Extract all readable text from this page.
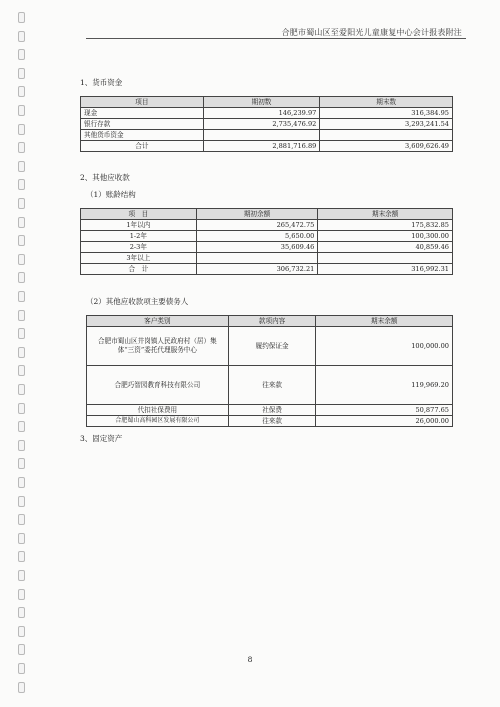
合肥市蜀山区至爱阳光儿童康复中心会计报表附注
1、货币资金
项目	期初数	期末数
现金	146,239.97	316,384.95
银行存款	2,735,476.92	3,293,241.54
其他货币资金		
合计	2,881,716.89	3,609,626.49
2、其他应收款
（1）账龄结构
项　目	期初余额	期末余额
1年以内	265,472.75	175,832.85
1-2年	5,650.00	100,300.00
2-3年	35,609.46	40,859.46
3年以上		
合　计	306,732.21	316,992.31
（2）其他应收款项主要债务人
客户类别	款项内容	期末余额
合肥市蜀山区井岗镇人民政府村（居）集体“三资”委托代理服务中心	履约保证金	100,000.00
合肥巧智园教育科技有限公司	往来款	119,969.20
代扣社保费用	社保费	50,877.65
合肥蜀山高科园区发展有限公司	往来款	26,000.00
3、固定资产
8
